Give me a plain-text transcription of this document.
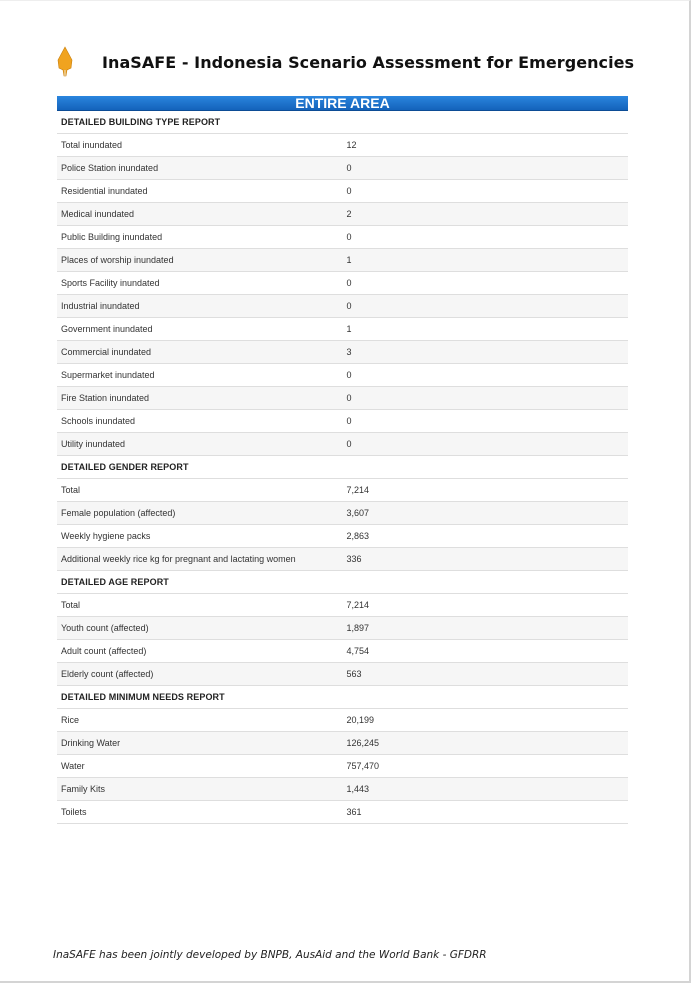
InaSAFE - Indonesia Scenario Assessment for Emergencies
ENTIRE AREA
DETAILED BUILDING TYPE REPORT	
Total inundated	12
Police Station inundated	0
Residential inundated	0
Medical inundated	2
Public Building inundated	0
Places of worship inundated	1
Sports Facility inundated	0
Industrial inundated	0
Government inundated	1
Commercial inundated	3
Supermarket inundated	0
Fire Station inundated	0
Schools inundated	0
Utility inundated	0
DETAILED GENDER REPORT	
Total	7,214
Female population (affected)	3,607
Weekly hygiene packs	2,863
Additional weekly rice kg for pregnant and lactating women	336
DETAILED AGE REPORT	
Total	7,214
Youth count (affected)	1,897
Adult count (affected)	4,754
Elderly count (affected)	563
DETAILED MINIMUM NEEDS REPORT	
Rice	20,199
Drinking Water	126,245
Water	757,470
Family Kits	1,443
Toilets	361
InaSAFE has been jointly developed by BNPB, AusAid and the World Bank - GFDRR
